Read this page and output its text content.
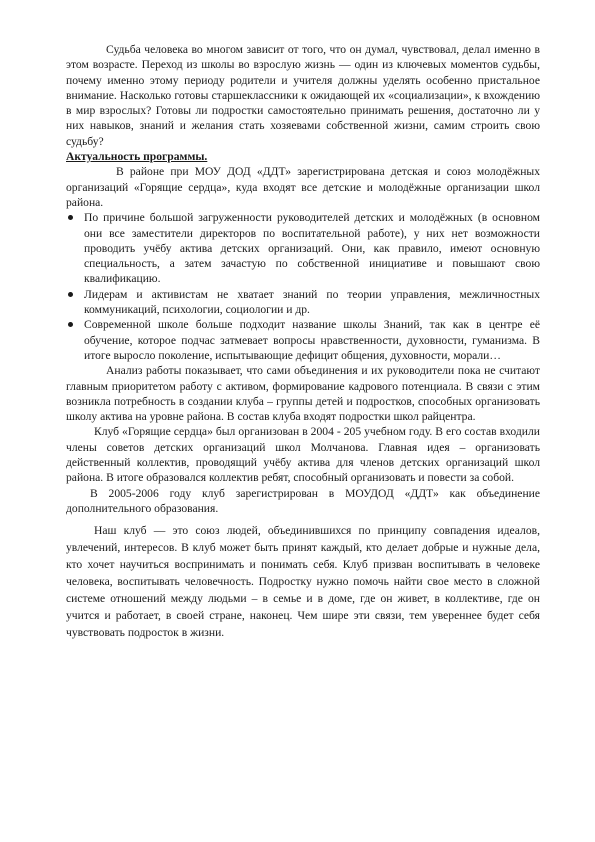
Судьба человека во многом зависит от того, что он думал, чувствовал, делал именно в этом возрасте. Переход из школы во взрослую жизнь — один из ключевых моментов судьбы, почему именно этому периоду родители и учителя должны уделять особенно пристальное внимание. Насколько готовы старшеклассники к ожидающей их «социализации», к вхождению в мир взрослых? Готовы ли подростки самостоятельно принимать решения, достаточно ли у них навыков, знаний и желания стать хозяевами собственной жизни, самим строить свою судьбу?

Актуальность программы.

В районе при МОУ ДОД «ДДТ» зарегистрирована детская и союз молодёжных организаций «Горящие сердца», куда входят все детские и молодёжные организации школ района.

По причине большой загруженности руководителей детских и молодёжных (в основном они все заместители директоров по воспитательной работе), у них нет возможности проводить учёбу актива детских организаций. Они, как правило, имеют основную специальность, а затем зачастую по собственной инициативе и повышают свою квалификацию.
Лидерам и активистам не хватает знаний по теории управления, межличностных коммуникаций, психологии, социологии и др.
Современной школе больше подходит название школы Знаний, так как в центре её обучение, которое подчас затмевает вопросы нравственности, духовности, гуманизма. В итоге выросло поколение, испытывающие дефицит общения, духовности, морали…

Анализ работы показывает, что сами объединения и их руководители пока не считают главным приоритетом работу с активом, формирование кадрового потенциала. В связи с этим возникла потребность в создании клуба – группы детей и подростков, способных организовать школу актива на уровне района. В состав клуба входят подростки школ райцентра.

Клуб «Горящие сердца» был организован в 2004 - 205 учебном году. В его состав входили члены советов детских организаций школ Молчанова. Главная идея – организовать действенный коллектив, проводящий учёбу актива для членов детских организаций школ района. В итоге образовался коллектив ребят, способный организовать и повести за собой.

В 2005-2006 году клуб зарегистрирован в МОУДОД «ДДТ» как объединение дополнительного образования.

Наш клуб — это союз людей, объединившихся по принципу совпадения идеалов, увлечений, интересов. В клуб может быть принят каждый, кто делает добрые и нужные дела, кто хочет научиться воспринимать и понимать себя. Клуб призван воспитывать в человеке человека, воспитывать человечность. Подростку нужно помочь найти свое место в сложной системе отношений между людьми – в семье и в доме, где он живет, в коллективе, где он учится и работает, в своей стране, наконец. Чем шире эти связи, тем увереннее будет себя чувствовать подросток в жизни.
